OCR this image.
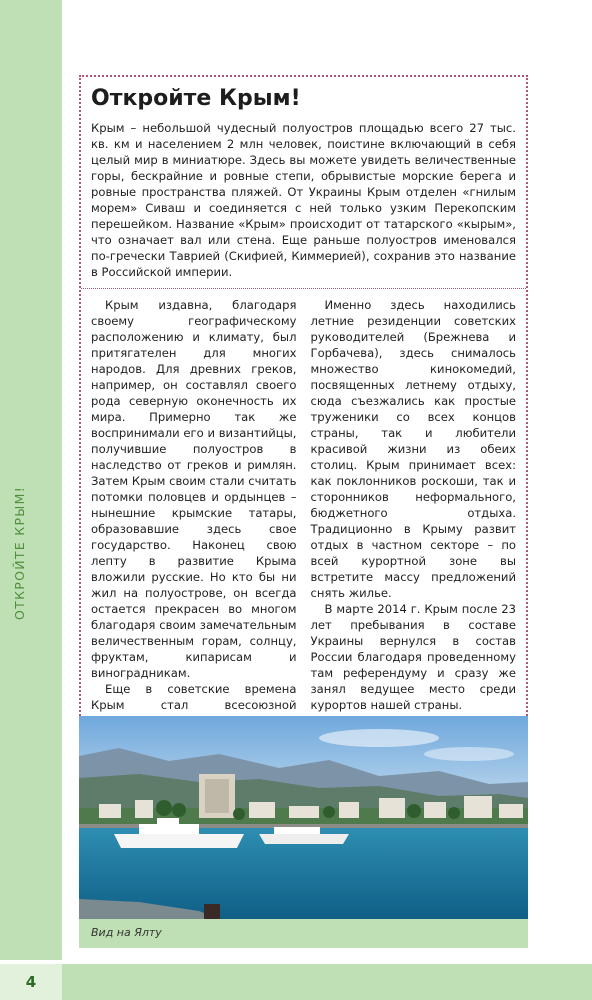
ОТКРОЙТЕ КРЫМ!
4
Откройте Крым!

Крым – небольшой чудесный полуостров площадью всего 27 тыс. кв. км и населением 2 млн человек, поистине включающий в себя целый мир в миниатюре. Здесь вы можете увидеть величественные горы, бескрайние и ровные степи, обрывистые морские берега и ровные пространства пляжей. От Украины Крым отделен «гнилым морем» Сиваш и соединяется с ней только узким Перекопским перешейком. Название «Крым» происходит от татарского «кырым», что означает вал или стена. Еще раньше полуостров именовался по-гречески Таврией (Скифией, Киммерией), сохранив это название в Российской империи.

Крым издавна, благодаря своему географическому расположению и климату, был притягателен для многих народов. Для древних греков, например, он составлял своего рода северную оконечность их мира. Примерно так же воспринимали его и византийцы, получившие полуостров в наследство от греков и римлян. Затем Крым своим стали считать потомки половцев и ордынцев – нынешние крымские татары, образовавшие здесь свое государство. Наконец свою лепту в развитие Крыма вложили русские. Но кто бы ни жил на полуострове, он всегда остается прекрасен во многом благодаря своим замечательным величественным горам, солнцу, фруктам, кипарисам и виноградникам.

Еще в советские времена Крым стал всесоюзной

Именно здесь находились летние резиденции советских руководителей (Брежнева и Горбачева), здесь снималось множество кинокомедий, посвященных летнему отдыху, сюда съезжались как простые труженики со всех концов страны, так и любители красивой жизни из обеих столиц. Крым принимает всех: как поклонников роскоши, так и сторонников неформального, бюджетного отдыха. Традиционно в Крыму развит отдых в частном секторе – по всей курортной зоне вы встретите массу предложений снять жилье.

В марте 2014 г. Крым после 23 лет пребывания в составе Украины вернулся в состав России благодаря проведенному там референдуму и сразу же занял ведущее место среди курортов нашей страны.

Вид на Ялту
